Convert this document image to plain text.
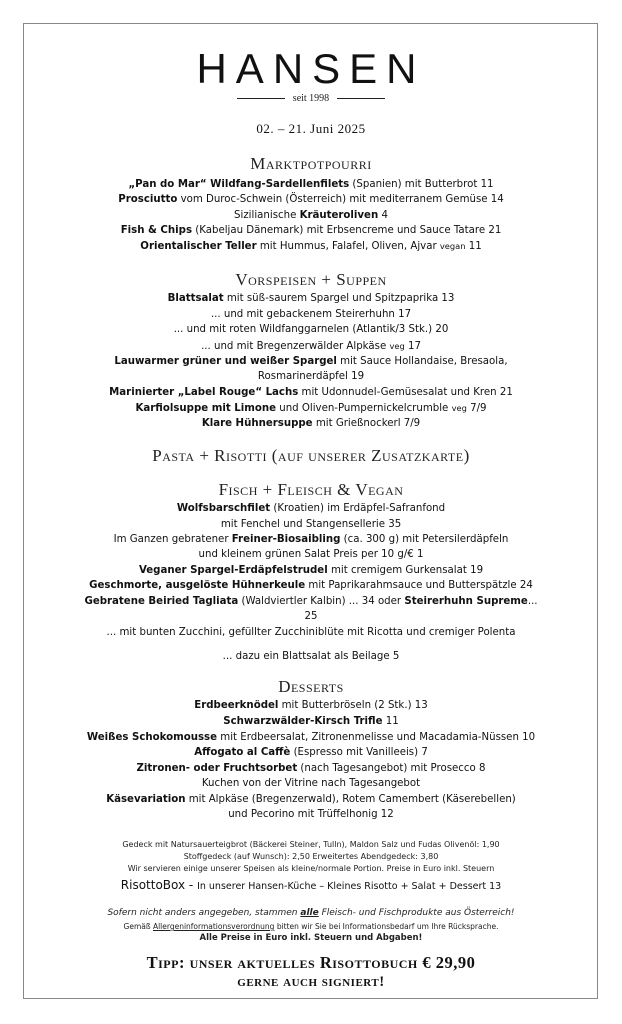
HANSEN
seit 1998
02. – 21. Juni 2025
Marktpotpourri
„Pan do Mar“ Wildfang-Sardellenfilets (Spanien) mit Butterbrot 11
Prosciutto vom Duroc-Schwein (Österreich) mit mediterranem Gemüse 14
Sizilianische Kräuteroliven 4
Fish & Chips (Kabeljau Dänemark) mit Erbsencreme und Sauce Tatare 21
Orientalischer Teller mit Hummus, Falafel, Oliven, Ajvar vegan 11
Vorspeisen + Suppen
Blattsalat mit süß-saurem Spargel und Spitzpaprika 13
... und mit gebackenem Steirerhuhn 17
... und mit roten Wildfanggarnelen (Atlantik/3 Stk.) 20
... und mit Bregenzerwälder Alpkäse veg 17
Lauwarmer grüner und weißer Spargel mit Sauce Hollandaise, Bresaola,
Rosmarinerdäpfel 19
Marinierter „Label Rouge“ Lachs mit Udonnudel-Gemüsesalat und Kren 21
Karfiolsuppe mit Limone und Oliven-Pumpernickelcrumble veg 7/9
Klare Hühnersuppe mit Grießnockerl 7/9
Pasta + Risotti (auf unserer Zusatzkarte)
Fisch + Fleisch & Vegan
Wolfsbarschfilet (Kroatien) im Erdäpfel-Safranfond
mit Fenchel und Stangensellerie 35
Im Ganzen gebratener Freiner-Biosaibling (ca. 300 g) mit Petersilerdäpfeln
und kleinem grünen Salat Preis per 10 g/€ 1
Veganer Spargel-Erdäpfelstrudel mit cremigem Gurkensalat 19
Geschmorte, ausgelöste Hühnerkeule mit Paprikarahmsauce und Butterspätzle 24
Gebratene Beiried Tagliata (Waldviertler Kalbin) ... 34 oder Steirerhuhn Supreme...
25
... mit bunten Zucchini, gefüllter Zucchiniblüte mit Ricotta und cremiger Polenta
... dazu ein Blattsalat als Beilage 5
Desserts
Erdbeerknödel mit Butterbröseln (2 Stk.) 13
Schwarzwälder-Kirsch Trifle 11
Weißes Schokomousse mit Erdbeersalat, Zitronenmelisse und Macadamia-Nüssen 10
Affogato al Caffè (Espresso mit Vanilleeis) 7
Zitronen- oder Fruchtsorbet (nach Tagesangebot) mit Prosecco 8
Kuchen von der Vitrine nach Tagesangebot
Käsevariation mit Alpkäse (Bregenzerwald), Rotem Camembert (Käserebellen)
und Pecorino mit Trüffelhonig 12
Gedeck mit Natursauerteigbrot (Bäckerei Steiner, Tulln), Maldon Salz und Fudas Olivenöl: 1,90
Stoffgedeck (auf Wunsch): 2,50 Erweitertes Abendgedeck: 3,80
Wir servieren einige unserer Speisen als kleine/normale Portion. Preise in Euro inkl. Steuern
RisottoBox - In unserer Hansen-Küche – Kleines Risotto + Salat + Dessert 13
Sofern nicht anders angegeben, stammen alle Fleisch- und Fischprodukte aus Österreich!
Gemäß Allergeninformationsverordnung bitten wir Sie bei Informationsbedarf um Ihre Rücksprache.
Alle Preise in Euro inkl. Steuern und Abgaben!
Tipp: unser aktuelles Risottobuch € 29,90
gerne auch signiert!
